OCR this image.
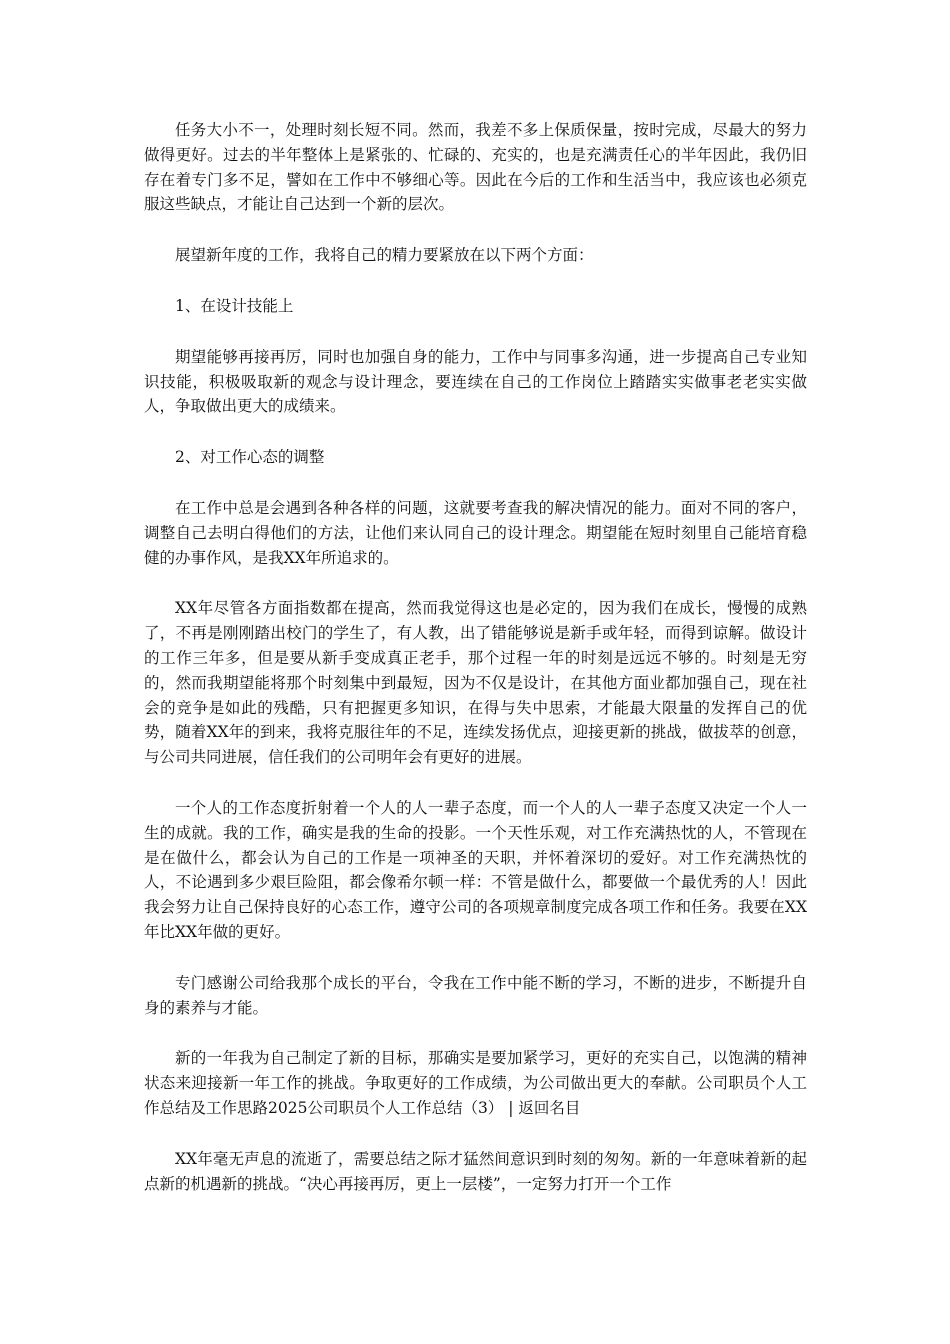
任务大小不一，处理时刻长短不同。然而，我差不多上保质保量，按时完成，尽最大的努力做得更好。过去的半年整体上是紧张的、忙碌的、充实的，也是充满责任心的半年因此，我仍旧存在着专门多不足，譬如在工作中不够细心等。因此在今后的工作和生活当中，我应该也必须克服这些缺点，才能让自己达到一个新的层次。

展望新年度的工作，我将自己的精力要紧放在以下两个方面：

1、在设计技能上

期望能够再接再厉，同时也加强自身的能力，工作中与同事多沟通，进一步提高自己专业知识技能，积极吸取新的观念与设计理念，要连续在自己的工作岗位上踏踏实实做事老老实实做人，争取做出更大的成绩来。

2、对工作心态的调整

在工作中总是会遇到各种各样的问题，这就要考查我的解决情况的能力。面对不同的客户，调整自己去明白得他们的方法，让他们来认同自己的设计理念。期望能在短时刻里自己能培育稳健的办事作风，是我XX年所追求的。

XX年尽管各方面指数都在提高，然而我觉得这也是必定的，因为我们在成长，慢慢的成熟了，不再是刚刚踏出校门的学生了，有人教，出了错能够说是新手或年轻，而得到谅解。做设计的工作三年多，但是要从新手变成真正老手，那个过程一年的时刻是远远不够的。时刻是无穷的，然而我期望能将那个时刻集中到最短，因为不仅是设计，在其他方面业都加强自己，现在社会的竞争是如此的残酷，只有把握更多知识，在得与失中思索，才能最大限量的发挥自己的优势，随着XX年的到来，我将克服往年的不足，连续发扬优点，迎接更新的挑战，做拔萃的创意，与公司共同进展，信任我们的公司明年会有更好的进展。

一个人的工作态度折射着一个人的人一辈子态度，而一个人的人一辈子态度又决定一个人一生的成就。我的工作，确实是我的生命的投影。一个天性乐观，对工作充满热忱的人，不管现在是在做什么，都会认为自己的工作是一项神圣的天职，并怀着深切的爱好。对工作充满热忱的人，不论遇到多少艰巨险阻，都会像希尔顿一样：不管是做什么，都要做一个最优秀的人！因此我会努力让自己保持良好的心态工作，遵守公司的各项规章制度完成各项工作和任务。我要在XX年比XX年做的更好。

专门感谢公司给我那个成长的平台，令我在工作中能不断的学习，不断的进步，不断提升自身的素养与才能。

新的一年我为自己制定了新的目标，那确实是要加紧学习，更好的充实自己，以饱满的精神状态来迎接新一年工作的挑战。争取更好的工作成绩，为公司做出更大的奉献。公司职员个人工作总结及工作思路2025公司职员个人工作总结（3） | 返回名目

XX年毫无声息的流逝了，需要总结之际才猛然间意识到时刻的匆匆。新的一年意味着新的起点新的机遇新的挑战。“决心再接再厉，更上一层楼”，一定努力打开一个工作
